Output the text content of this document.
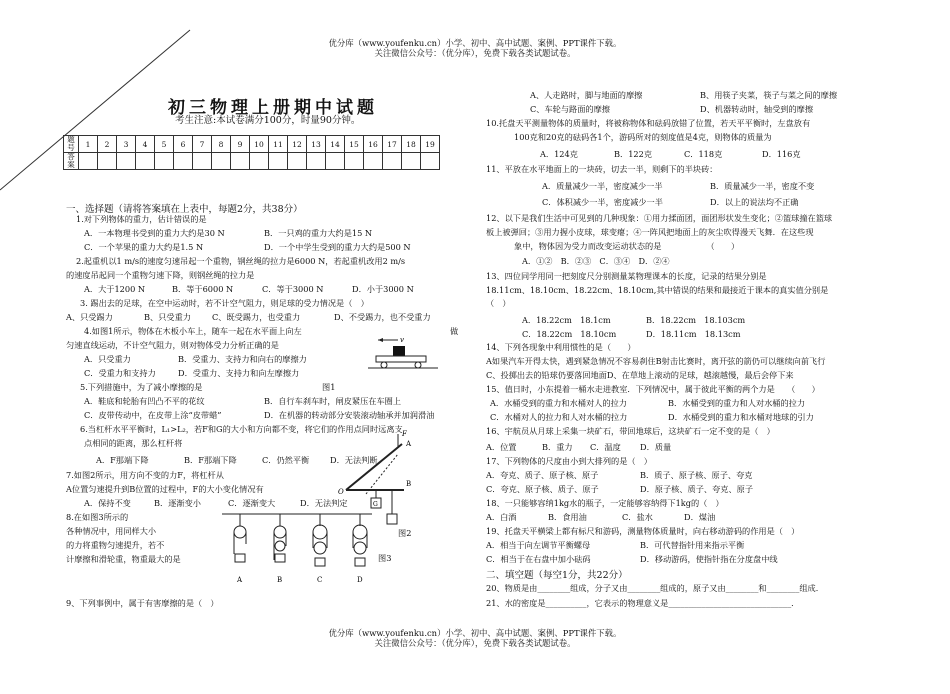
优分库（www.youfenku.cn）小学、初中、高中试题、案例、PPT课件下载。
关注微信公众号：（优分库），免费下载各类试题试卷。
初三物理上册期中试题
考生注意:本试卷满分100分，时量90分钟。
题号	1	2	3	4	5	6	7	8	9	10	11	12	13	14	15	16	17	18	19
答案																			
一、选择题（请将答案填在上表中，每题2分，共38分）
1.对下列物体的重力，估计错误的是
A．一本物理书受到的重力大约是30 N	B．一只鸡的重力大约是15 N
C．一个苹果的重力大约是1.5 N	D．一个中学生受到的重力大约是500 N
2.起重机以1 m/s的速度匀速吊起一个重物，钢丝绳的拉力是6000 N，若起重机改用2 m/s
的速度吊起同一个重物匀速下降，则钢丝绳的拉力是
A．大于1200 N	B．等于6000 N	C．等于3000 N	D．小于3000 N
3. 踢出去的足球，在空中运动时，若不计空气阻力，则足球的受力情况是（　）
A、只受踢力	B、只受重力	C、既受踢力，也受重力	D、不受踢力，也不受重力
4.如图1所示，物体在木板小车上，随车一起在水平面上向左	做
匀速直线运动，不计空气阻力，则对物体受力分析正确的是
A．只受重力	B．受重力、支持力和向右的摩擦力
C．受重力和支持力	D．受重力、支持力和向左摩擦力
5.下列措施中，为了减小摩擦的是	图1
A．鞋底和轮胎有凹凸不平的花纹	B．自行车刹车时，闸皮紧压在车圈上
C．皮带传动中，在皮带上涂“皮带蜡”	D．在机器的转动部分安装滚动轴承并加润滑油
6.当杠杆水平平衡时，L₁>L₂，若F和G的大小和方向都不变，将它们的作用点同时远离支
点相同的距离，那么杠杆将
A．F那端下降	B．F那端下降	C．仍然平衡	D．无法判断
7.如图2所示，用方向不变的力F，将杠杆从
A位置匀速提升到B位置的过程中，F的大小变化情况有
A．保持不变	B．逐渐变小	C．逐渐变大	D．无法判定
8.在如图3所示的
各种情况中，用同样大小
的力将重物匀速提升，若不
计摩擦和滑轮重，物重最大的是
图2
图3
9、下列事例中，属于有害摩擦的是（　）
v
O
A
B
F
G
A	B	C	D
A、人走路时，脚与地面的摩擦	B、用筷子夹菜，筷子与菜之间的摩擦
C、车轮与路面的摩擦	D、机器转动时，轴受到的摩擦
10.托盘天平测量物体的质量时，将被称物体和砝码放错了位置，若天平平衡时，左盘放有
100克和20克的砝码各1个，游码所对的刻度值是4克，则物体的质量为
A．124克	B．122克	C．118克	D．116克
11、平放在水平地面上的一块砖，切去一半，则剩下的半块砖：
A．质量减少一半，密度减少一半	B．质量减少一半，密度不变
C．体积减少一半，密度减少一半	D．以上的说法均不正确
12、以下是我们生活中可见到的几种现象：①用力揉面团，面团形状发生变化；②篮球撞在篮球
板上被弹回；③用力握小皮球，球变瘪；④一阵风把地面上的灰尘吹得漫天飞舞．在这些现
象中，物体因为受力而改变运动状态的是　　　　　　（　　）
A．①②　B．②③　C．③④　D．②④
13、四位同学用同一把刻度尺分别测量某物理课本的长度，记录的结果分别是
18.11cm、18.10cm、18.22cm、18.10cm,其中错误的结果和最接近于课本的真实值分别是
（　）
A．18.22cm　18.1cm	B．18.22cm　18.103cm
C．18.22cm　18.10cm	D．18.11cm　18.13cm
14、下列各现象中利用惯性的是（　　）
A如果汽车开得太快，遇到紧急情况不容易刹住B射击比赛时，离开弦的箭仍可以继续向前飞行
C、投掷出去的铅球仍要落回地面D、在草地上滚动的足球，越滚越慢，最后会停下来
15、值日时，小东提着一桶水走进教室．下列情况中，属于彼此平衡的两个力是　　（　　）
A．水桶受到的重力和水桶对人的拉力	B．水桶受到的重力和人对水桶的拉力
C．水桶对人的拉力和人对水桶的拉力	D．水桶受到的重力和水桶对地球的引力
16、宇航员从月球上采集一块矿石，带回地球后，这块矿石一定不变的是（　）
A．位置	B．重力 C．温度 D．质量
17、下列物体的尺度由小到大排列的是（　）
A．夸克、质子、原子核、原子	B．质子、原子核、原子、夸克
C．夸克、原子核、质子、原子	D．原子核、质子、夸克、原子
18、一只能够容纳1kg水的瓶子，一定能够容纳得下1kg的（　）
A．白酒	B．食用油	C．盐水	D．煤油
19、托盘天平横梁上都有标尺和游码，测量物体质量时，向右移动游码的作用是（　）
A．相当于向左调节平衡螺母	B．可代替指针用来指示平衡
C．相当于在右盘中加小砝码	D．移动游码，使指针指在分度盘中线
二、填空题（每空1分，共22分）
20、物质是由________组成，分子又由________组成的，原子又由________和________组成．
21、水的密度是__________，它表示的物理意义是______________________________．
优分库（www.youfenku.cn）小学、初中、高中试题、案例、PPT课件下载。
关注微信公众号：（优分库），免费下载各类试题试卷。
